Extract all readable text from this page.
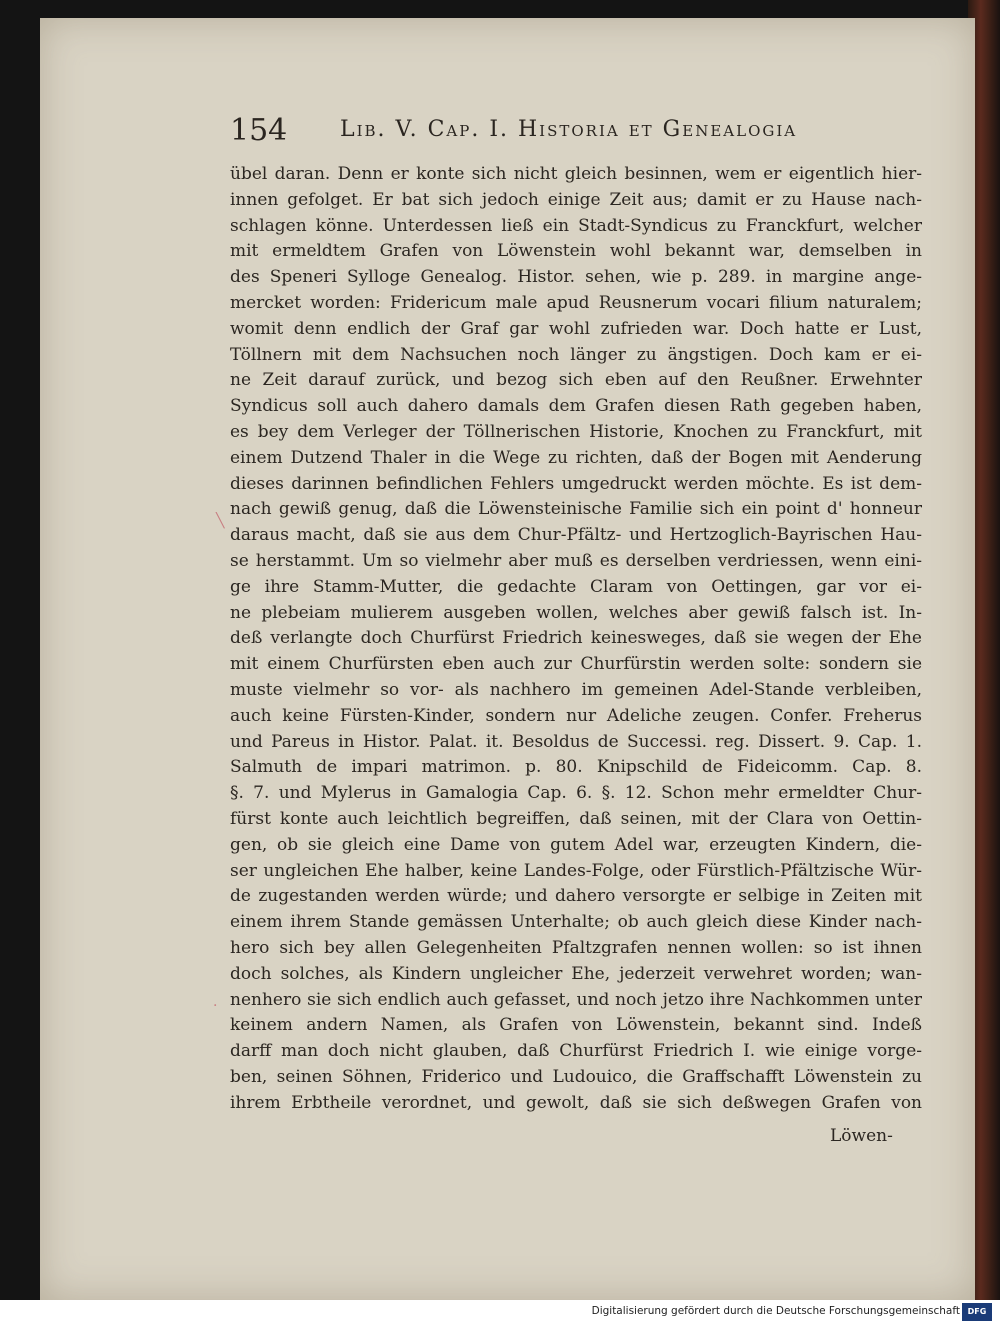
154 Lib. V. Cap. I. Historia et Genealogia
übel daran. Denn er konte sich nicht gleich besinnen, wem er eigentlich hier-
innen gefolget. Er bat sich jedoch einige Zeit aus; damit er zu Hause nach-
schlagen könne. Unterdessen ließ ein Stadt-Syndicus zu Franckfurt, welcher
mit ermeldtem Grafen von Löwenstein wohl bekannt war, demselben in
des Speneri Sylloge Genealog. Histor. sehen, wie p. 289. in margine ange-
mercket worden: Fridericum male apud Reusnerum vocari filium naturalem;
womit denn endlich der Graf gar wohl zufrieden war. Doch hatte er Lust,
Töllnern mit dem Nachsuchen noch länger zu ängstigen. Doch kam er ei-
ne Zeit darauf zurück, und bezog sich eben auf den Reußner. Erwehnter
Syndicus soll auch dahero damals dem Grafen diesen Rath gegeben haben,
es bey dem Verleger der Töllnerischen Historie, Knochen zu Franckfurt, mit
einem Dutzend Thaler in die Wege zu richten, daß der Bogen mit Aenderung
dieses darinnen befindlichen Fehlers umgedruckt werden möchte. Es ist dem-
nach gewiß genug, daß die Löwensteinische Familie sich ein point d' honneur
daraus macht, daß sie aus dem Chur-Pfältz- und Hertzoglich-Bayrischen Hau-
se herstammt. Um so vielmehr aber muß es derselben verdriessen, wenn eini-
ge ihre Stamm-Mutter, die gedachte Claram von Oettingen, gar vor ei-
ne plebeiam mulierem ausgeben wollen, welches aber gewiß falsch ist. In-
deß verlangte doch Churfürst Friedrich keinesweges, daß sie wegen der Ehe
mit einem Churfürsten eben auch zur Churfürstin werden solte: sondern sie
muste vielmehr so vor- als nachhero im gemeinen Adel-Stande verbleiben,
auch keine Fürsten-Kinder, sondern nur Adeliche zeugen. Confer. Freherus
und Pareus in Histor. Palat. it. Besoldus de Successi. reg. Dissert. 9. Cap. 1.
Salmuth de impari matrimon. p. 80. Knipschild de Fideicomm. Cap. 8.
§. 7. und Mylerus in Gamalogia Cap. 6. §. 12. Schon mehr ermeldter Chur-
fürst konte auch leichtlich begreiffen, daß seinen, mit der Clara von Oettin-
gen, ob sie gleich eine Dame von gutem Adel war, erzeugten Kindern, die-
ser ungleichen Ehe halber, keine Landes-Folge, oder Fürstlich-Pfältzische Wür-
de zugestanden werden würde; und dahero versorgte er selbige in Zeiten mit
einem ihrem Stande gemässen Unterhalte; ob auch gleich diese Kinder nach-
hero sich bey allen Gelegenheiten Pfaltzgrafen nennen wollen: so ist ihnen
doch solches, als Kindern ungleicher Ehe, jederzeit verwehret worden; wan-
nenhero sie sich endlich auch gefasset, und noch jetzo ihre Nachkommen unter
keinem andern Namen, als Grafen von Löwenstein, bekannt sind. Indeß
darff man doch nicht glauben, daß Churfürst Friedrich I. wie einige vorge-
ben, seinen Söhnen, Friderico und Ludouico, die Graffschafft Löwenstein zu
ihrem Erbtheile verordnet, und gewolt, daß sie sich deßwegen Grafen von
╲
·
Löwen-
Digitalisierung gefördert durch die Deutsche Forschungsgemeinschaft DFG
